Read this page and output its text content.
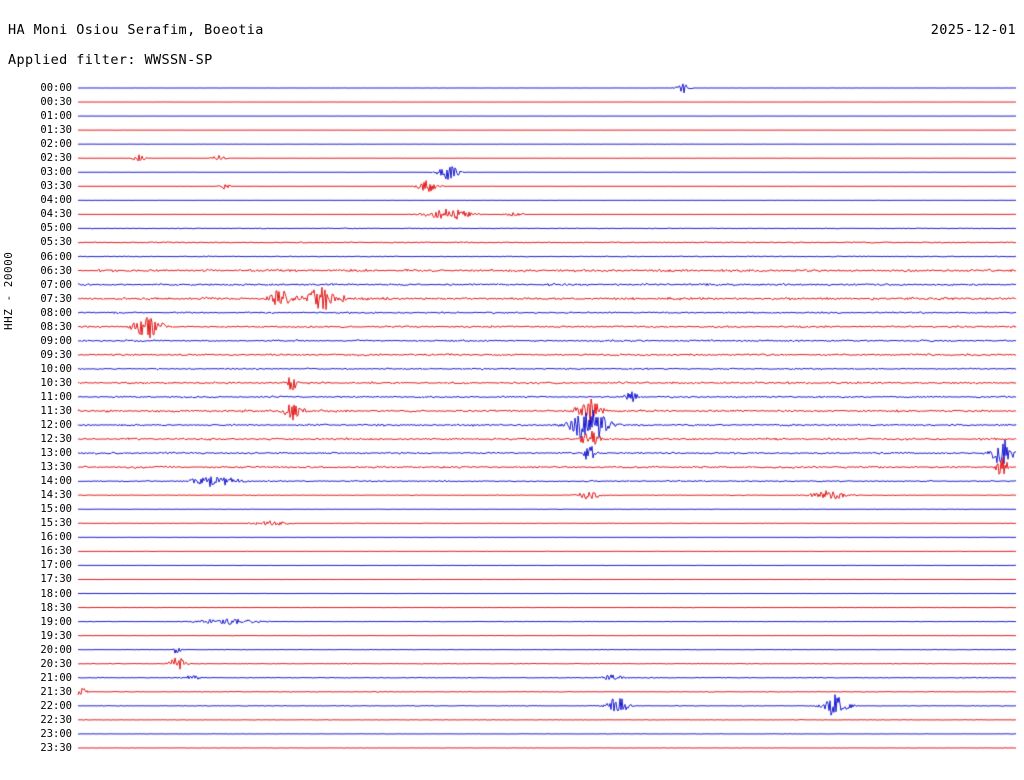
HA Moni Osiou Serafim, Boeotia
Applied filter: WWSSN-SP
2025-12-01
00:00
00:30
01:00
01:30
02:00
02:30
03:00
03:30
04:00
04:30
05:00
05:30
06:00
06:30
07:00
07:30
08:00
08:30
09:00
09:30
10:00
10:30
11:00
11:30
12:00
12:30
13:00
13:30
14:00
14:30
15:00
15:30
16:00
16:30
17:00
17:30
18:00
18:30
19:00
19:30
20:00
20:30
21:00
21:30
22:00
22:30
23:00
23:30
HHZ - 20000
